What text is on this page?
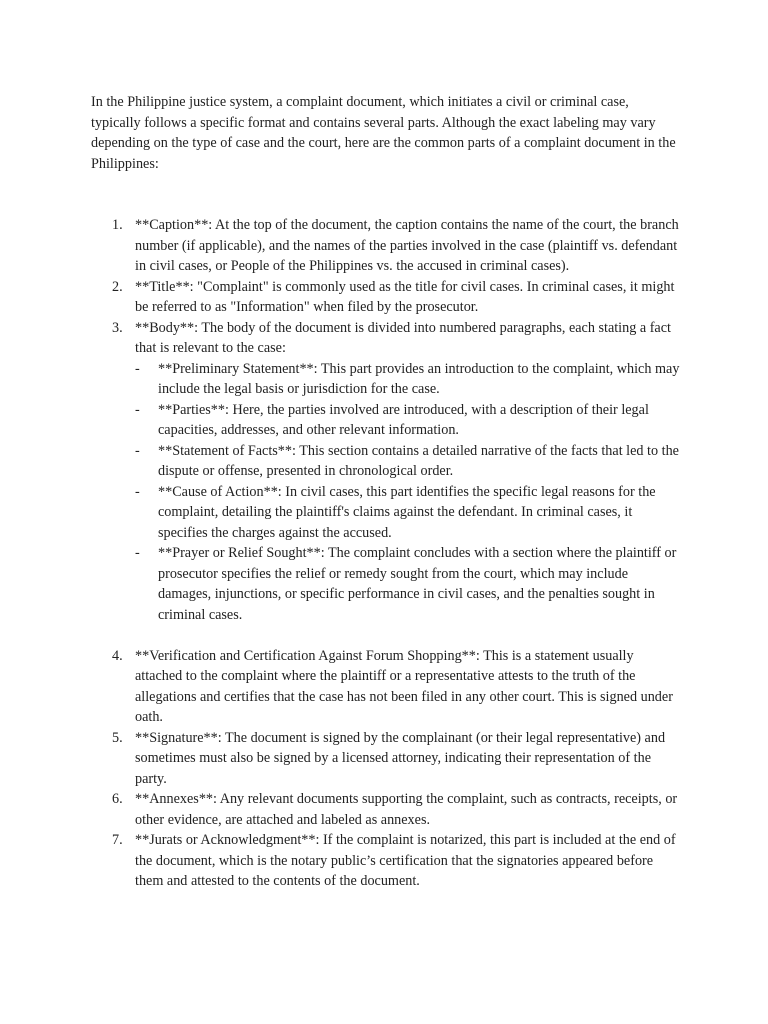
In the Philippine justice system, a complaint document, which initiates a civil or criminal case, typically follows a specific format and contains several parts. Although the exact labeling may vary depending on the type of case and the court, here are the common parts of a complaint document in the Philippines:

1. **Caption**: At the top of the document, the caption contains the name of the court, the branch number (if applicable), and the names of the parties involved in the case (plaintiff vs. defendant in civil cases, or People of the Philippines vs. the accused in criminal cases).
2. **Title**: "Complaint" is commonly used as the title for civil cases. In criminal cases, it might be referred to as "Information" when filed by the prosecutor.
3. **Body**: The body of the document is divided into numbered paragraphs, each stating a fact that is relevant to the case:
- **Preliminary Statement**: This part provides an introduction to the complaint, which may include the legal basis or jurisdiction for the case.
- **Parties**: Here, the parties involved are introduced, with a description of their legal capacities, addresses, and other relevant information.
- **Statement of Facts**: This section contains a detailed narrative of the facts that led to the dispute or offense, presented in chronological order.
- **Cause of Action**: In civil cases, this part identifies the specific legal reasons for the complaint, detailing the plaintiff's claims against the defendant. In criminal cases, it specifies the charges against the accused.
- **Prayer or Relief Sought**: The complaint concludes with a section where the plaintiff or prosecutor specifies the relief or remedy sought from the court, which may include damages, injunctions, or specific performance in civil cases, and the penalties sought in criminal cases.
4. **Verification and Certification Against Forum Shopping**: This is a statement usually attached to the complaint where the plaintiff or a representative attests to the truth of the allegations and certifies that the case has not been filed in any other court. This is signed under oath.
5. **Signature**: The document is signed by the complainant (or their legal representative) and sometimes must also be signed by a licensed attorney, indicating their representation of the party.
6. **Annexes**: Any relevant documents supporting the complaint, such as contracts, receipts, or other evidence, are attached and labeled as annexes.
7. **Jurats or Acknowledgment**: If the complaint is notarized, this part is included at the end of the document, which is the notary public’s certification that the signatories appeared before them and attested to the contents of the document.
